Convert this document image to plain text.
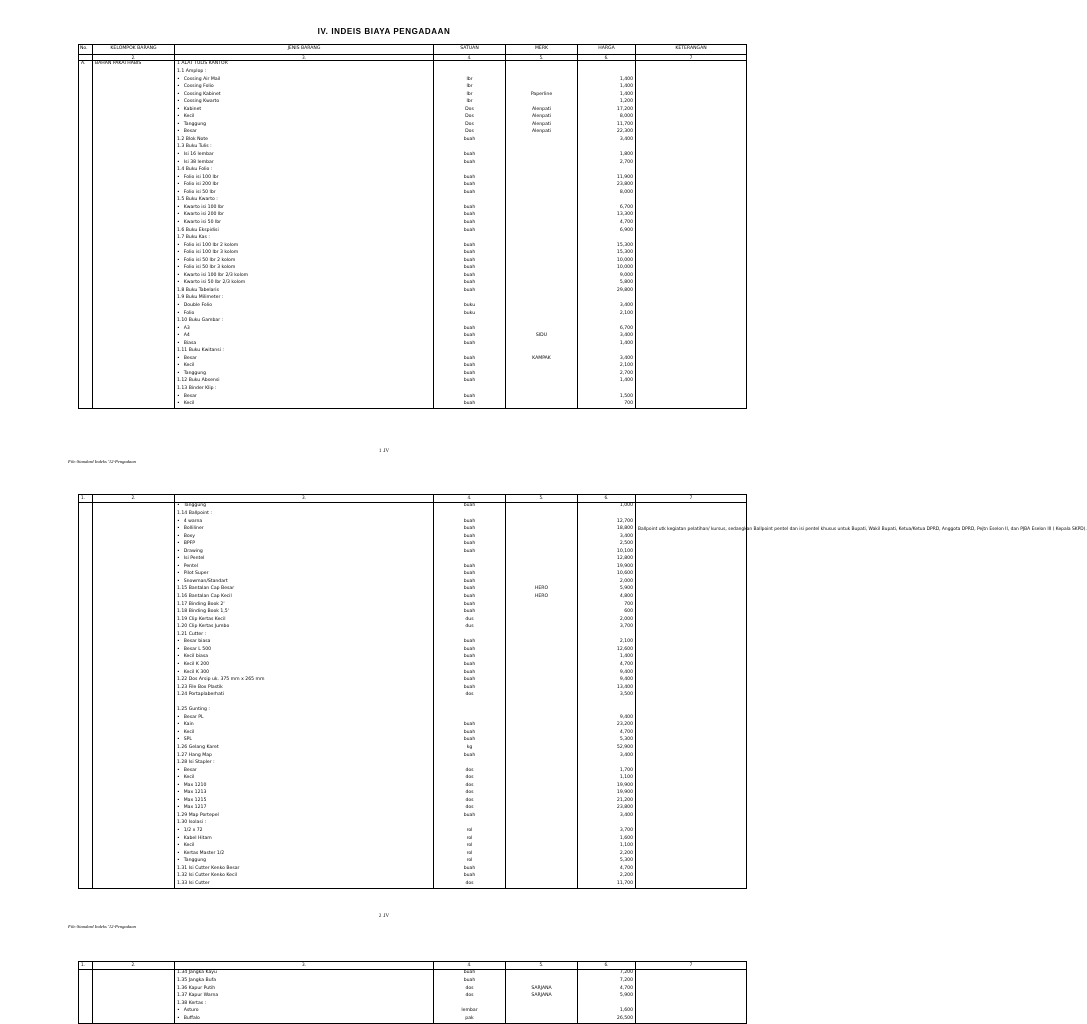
IV. INDEIS BIAYA PENGADAAN
No.	KELOMPOK BARANG	JENIS BARANG	SATUAN	MERK	HARGA	KETERANGAN
	2.	3.	4.	5.	6.	7
A.	BAHAN PAKAI HABIS	1 ALAT TULIS KANTOR				
		1.1 Amplop :				
		• Cossing Air Mail	lbr		1,400	
		• Cossing Folio	lbr		1,400	
		• Cossing Kabinet	lbr	Paperline	1,400	
		• Cossing Kwarto	lbr		1,200	
		• Kabinet	Dos	Alenpati	17,200	
		• Kecil	Dos	Alenpati	8,000	
		• Tanggung	Dos	Alenpati	11,700	
		• Besar	Dos	Alenpati	22,300	
		1.2 Blok Note	buah		3,400	
		1.3 Buku Tulis :				
		• Isi 16 lembar	buah		1,800	
		• Isi 38 lembar	buah		2,700	
		1.4 Buku Folio :				
		• Folio isi 100 lbr	buah		11,900	
		• Folio isi 200 lbr	buah		23,800	
		• Folio isi 50 lbr	buah		8,000	
		1.5 Buku Kwarto :				
		• Kwarto isi 100 lbr	buah		6,700	
		• Kwarto isi 200 lbr	buah		13,300	
		• Kwarto isi 50 lbr	buah		4,700	
		1.6 Buku Ekspidisi	buah		6,900	
		1.7 Buku Kas :				
		• Folio isi 100 lbr 2 kolom	buah		15,300	
		• Folio isi 100 lbr 3 kolom	buah		15,300	
		• Folio isi 50 lbr 2 kolom	buah		10,000	
		• Folio isi 50 lbr 3 kolom	buah		10,000	
		• Kwarto isi 100 lbr 2/3 kolom	buah		9,000	
		• Kwarto isi 50 lbr 2/3 kolom	buah		5,800	
		1.8 Buku Tabelaris	buah		29,800	
		1.9 Buku Milimeter :				
		• Double Folio	buku		3,400	
		• Folio	buku		2,100	
		1.10 Buku Gambar :				
		• A3	buah		6,700	
		• A4	buah	SIDU	3,400	
		• Biasa	buah		1,400	
		1.11 Buku Kwitansi :				
		• Besar	buah	KAMPAK	3,400	
		• Kecil	buah		2,100	
		• Tanggung	buah		2,700	
		1.12 Buku Absensi	buah		1,400	
		1.13 Binder Klip :				
		• Besar	buah		1,500	
		• Kecil	buah		700	
1 .IV
File:Standard Indeks '12-Pengadaan
1.	2.	3.	4.	5.	6.	7
		• Tanggung	buah		1,000	
		1.14 Ballpoint :				Ballpoint utk kegiatan pelatihan/ kursus, sedangkan Ballpoint pentel dan isi pentel khusus untuk Bupati, Wakil Bupati, Ketua/Ketua DPRD, Anggota DPRD, Pejtn Eselon II, dan PJBA Eselon III ( Kepala SKPD).
		• 4 warna	buah		12,700	
		• Bolliliner	buah		18,800	
		• Boxy	buah		3,400	
		• BPFP	buah		2,500	
		• Drawing	buah		10,100	
		• Isi Pentel			12,800	
		• Pentel	buah		19,900	
		• Pilot Super	buah		10,600	
		• Snowman/Standart	buah		2,000	
		1.15 Bantalan Cap Besar	buah	HERO	5,900	
		1.16 Bantalan Cap Kecil	buah	HERO	4,800	
		1.17 Binding Book 2'	buah		700	
		1.18 Binding Book 1,5'	buah		600	
		1.19 Clip Kertas Kecil	dus		2,000	
		1.20 Clip Kertas Jumbo	dus		3,700	
		1.21 Cutter :				
		• Besar biasa	buah		2,100	
		• Besar L 500	buah		12,600	
		• Kecil biasa	buah		1,400	
		• Kecil K 200	buah		4,700	
		• Kecil K 300	buah		9,400	
		1.22 Dos Arsip uk. 375 mm x 265 mm	buah		9,400	
		1.23 File Box Plastik	buah		13,400	
		1.24 Portaplaberhati	dos		3,500	

		1.25 Gunting :				
		• Besar PL			9,400	
		• Kain	buah		23,200	
		• Kecil	buah		4,700	
		• SPL	buah		5,300	
		1.26 Gelang Karet	kg		52,900	
		1.27 Hang Map	buah		3,400	
		1.28 Isi Stapler :				
		• Besar	dos		1,700	
		• Kecil	dos		1,100	
		• Max 1210	dos		19,900	
		• Max 1213	dos		19,900	
		• Max 1215	dos		21,200	
		• Max 1217	dos		23,800	
		1.29 Map Portepel	buah		3,400	
		1.30 Isolasi :				
		• 1/2 x 72	rol		3,700	
		• Kabel Hitam	rol		1,600	
		• Kecil	rol		1,100	
		• Kertas Master 1/2	rol		2,200	
		• Tanggung	rol		5,300	
		1.31 Isi Cutter Kenko Besar	buah		4,700	
		1.32 Isi Cutter Kenko Kecil	buah		2,200	
		1.33 Isi Cutter	dos		11,700	
2 .IV
File:Standard Indeks '12-Pengadaan
1.	2.	3.	4.	5.	6.	7
		1.34 Jangka Kayu	buah		7,200	
		1.35 Jangka Bufa	buah		7,200	
		1.36 Kapur Putih	dos	SARJANA	4,700	
		1.37 Kapur Warna	dos	SARJANA	5,900	
		1.38 Kertas :				
		• Asturo	lembar		1,600	
		• Buffalo	pak		26,500	
